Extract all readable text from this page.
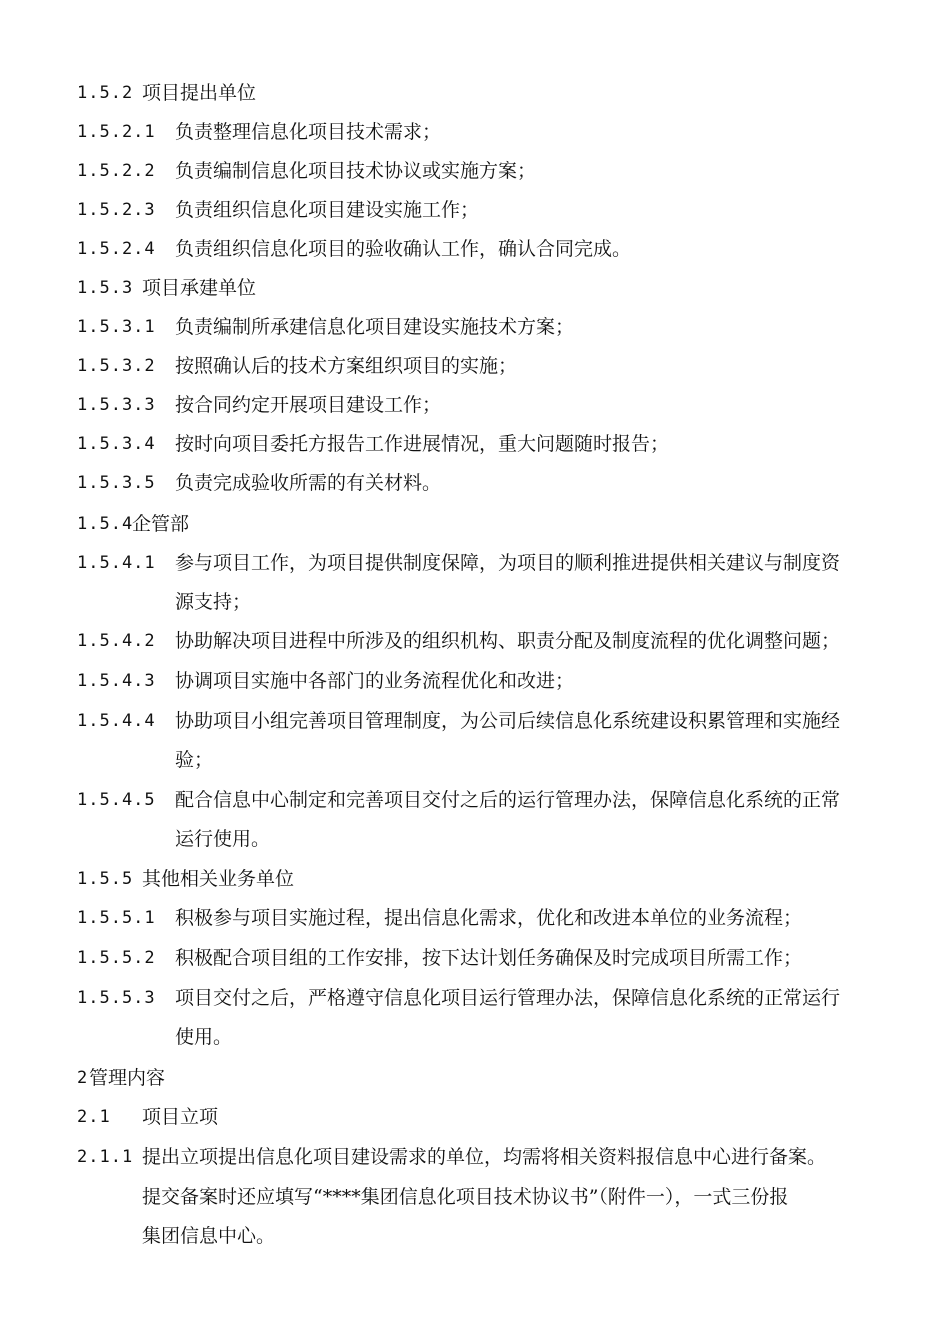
1.5.2 项目提出单位
1.5.2.1 负责整理信息化项目技术需求；
1.5.2.2 负责编制信息化项目技术协议或实施方案；
1.5.2.3 负责组织信息化项目建设实施工作；
1.5.2.4 负责组织信息化项目的验收确认工作，确认合同完成。
1.5.3 项目承建单位
1.5.3.1 负责编制所承建信息化项目建设实施技术方案；
1.5.3.2 按照确认后的技术方案组织项目的实施；
1.5.3.3 按合同约定开展项目建设工作；
1.5.3.4 按时向项目委托方报告工作进展情况，重大问题随时报告；
1.5.3.5 负责完成验收所需的有关材料。
1.5.4
企管部
1.5.4.1 参与项目工作，为项目提供制度保障，为项目的顺利推进提供相关建议与制度资
源支持；
1.5.4.2 协助解决项目进程中所涉及的组织机构、职责分配及制度流程的优化调整问题；
1.5.4.3 协调项目实施中各部门的业务流程优化和改进；
1.5.4.4 协助项目小组完善项目管理制度，为公司后续信息化系统建设积累管理和实施经
验；
1.5.4.5 配合信息中心制定和完善项目交付之后的运行管理办法，保障信息化系统的正常
运行使用。
1.5.5 其他相关业务单位
1.5.5.1 积极参与项目实施过程，提出信息化需求，优化和改进本单位的业务流程；
1.5.5.2 积极配合项目组的工作安排，按下达计划任务确保及时完成项目所需工作；
1.5.5.3 项目交付之后，严格遵守信息化项目运行管理办法，保障信息化系统的正常运行
使用。
2 管理内容
2.1 项目立项
2.1.1 提出立项提出信息化项目建设需求的单位，均需将相关资料报信息中心进行备案。
提交备案时还应填写“****集团信息化项目技术协议书”（附件一），一式三份报
集团信息中心。
